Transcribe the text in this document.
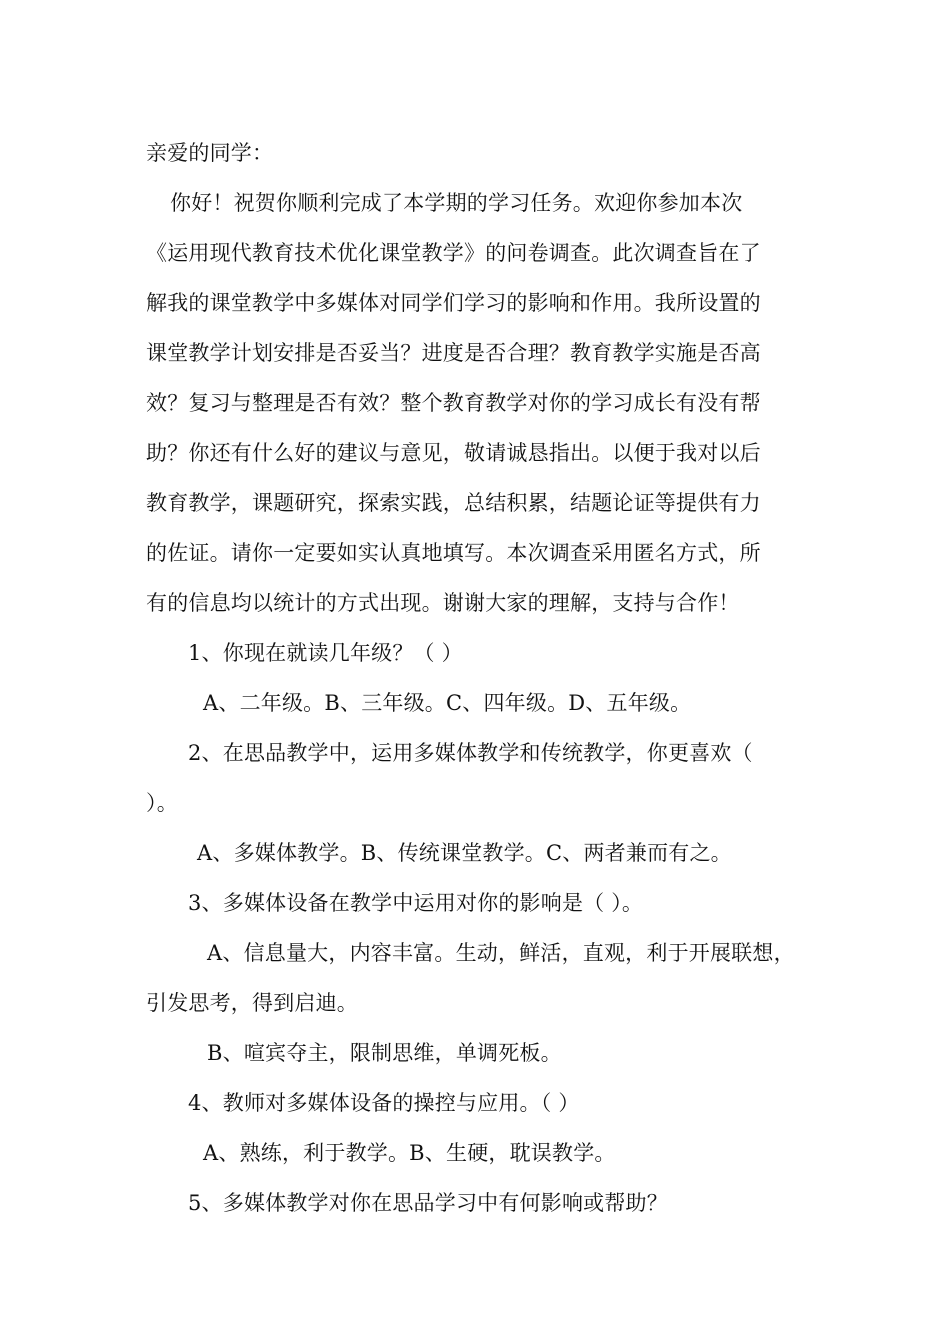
亲爱的同学：
你好！祝贺你顺利完成了本学期的学习任务。欢迎你参加本次
《运用现代教育技术优化课堂教学》的问卷调查。此次调查旨在了
解我的课堂教学中多媒体对同学们学习的影响和作用。我所设置的
课堂教学计划安排是否妥当？进度是否合理？教育教学实施是否高
效？复习与整理是否有效？整个教育教学对你的学习成长有没有帮
助？你还有什么好的建议与意见，敬请诚恳指出。以便于我对以后
教育教学，课题研究，探索实践，总结积累，结题论证等提供有力
的佐证。请你一定要如实认真地填写。本次调查采用匿名方式，所
有的信息均以统计的方式出现。谢谢大家的理解，支持与合作！
1、你现在就读几年级？（ ）
A、二年级。B、三年级。C、四年级。D、五年级。
2、在思品教学中，运用多媒体教学和传统教学，你更喜欢（
）。
A、多媒体教学。B、传统课堂教学。C、两者兼而有之。
3、多媒体设备在教学中运用对你的影响是（ ）。
A、信息量大，内容丰富。生动，鲜活，直观，利于开展联想，
引发思考，得到启迪。
B、喧宾夺主，限制思维，单调死板。
4、教师对多媒体设备的操控与应用。（ ）
A、熟练，利于教学。B、生硬，耽误教学。
5、多媒体教学对你在思品学习中有何影响或帮助？
